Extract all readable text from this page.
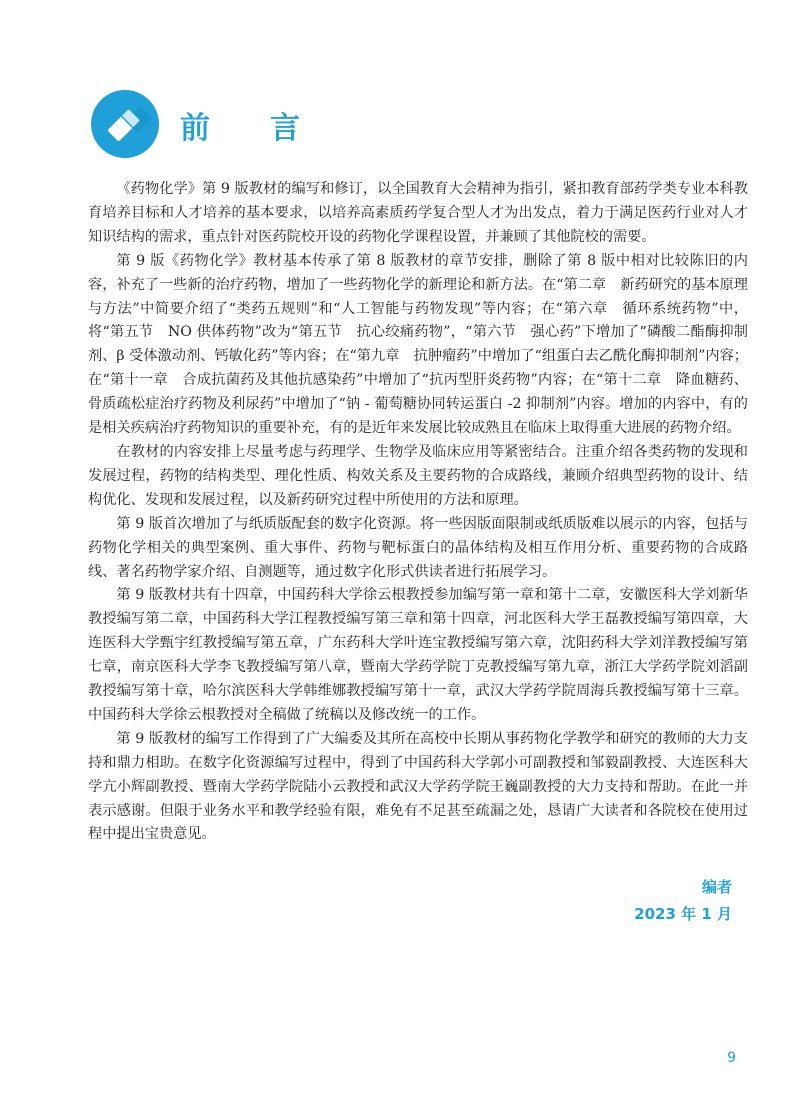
前　　言

《药物化学》第 9 版教材的编写和修订，以全国教育大会精神为指引，紧扣教育部药学类专业本科教育培养目标和人才培养的基本要求，以培养高素质药学复合型人才为出发点，着力于满足医药行业对人才知识结构的需求，重点针对医药院校开设的药物化学课程设置，并兼顾了其他院校的需要。

第 9 版《药物化学》教材基本传承了第 8 版教材的章节安排，删除了第 8 版中相对比较陈旧的内容，补充了一些新的治疗药物，增加了一些药物化学的新理论和新方法。在“第二章　新药研究的基本原理与方法”中简要介绍了“类药五规则”和“人工智能与药物发现”等内容；在“第六章　循环系统药物”中，将“第五节　NO 供体药物”改为“第五节　抗心绞痛药物”，“第六节　强心药”下增加了“磷酸二酯酶抑制剂、β 受体激动剂、钙敏化药”等内容；在“第九章　抗肿瘤药”中增加了“组蛋白去乙酰化酶抑制剂”内容；在“第十一章　合成抗菌药及其他抗感染药”中增加了“抗丙型肝炎药物”内容；在“第十二章　降血糖药、骨质疏松症治疗药物及利尿药”中增加了“钠 - 葡萄糖协同转运蛋白 -2 抑制剂”内容。增加的内容中，有的是相关疾病治疗药物知识的重要补充，有的是近年来发展比较成熟且在临床上取得重大进展的药物介绍。

在教材的内容安排上尽量考虑与药理学、生物学及临床应用等紧密结合。注重介绍各类药物的发现和发展过程，药物的结构类型、理化性质、构效关系及主要药物的合成路线，兼顾介绍典型药物的设计、结构优化、发现和发展过程，以及新药研究过程中所使用的方法和原理。

第 9 版首次增加了与纸质版配套的数字化资源。将一些因版面限制或纸质版难以展示的内容，包括与药物化学相关的典型案例、重大事件、药物与靶标蛋白的晶体结构及相互作用分析、重要药物的合成路线、著名药物学家介绍、自测题等，通过数字化形式供读者进行拓展学习。

第 9 版教材共有十四章，中国药科大学徐云根教授参加编写第一章和第十二章，安徽医科大学刘新华教授编写第二章，中国药科大学江程教授编写第三章和第十四章，河北医科大学王磊教授编写第四章，大连医科大学甄宇红教授编写第五章，广东药科大学叶连宝教授编写第六章，沈阳药科大学刘洋教授编写第七章，南京医科大学李飞教授编写第八章，暨南大学药学院丁克教授编写第九章，浙江大学药学院刘滔副教授编写第十章，哈尔滨医科大学韩维娜教授编写第十一章，武汉大学药学院周海兵教授编写第十三章。中国药科大学徐云根教授对全稿做了统稿以及修改统一的工作。

第 9 版教材的编写工作得到了广大编委及其所在高校中长期从事药物化学教学和研究的教师的大力支持和鼎力相助。在数字化资源编写过程中，得到了中国药科大学郭小可副教授和邹毅副教授、大连医科大学亢小辉副教授、暨南大学药学院陆小云教授和武汉大学药学院王巍副教授的大力支持和帮助。在此一并表示感谢。但限于业务水平和教学经验有限，难免有不足甚至疏漏之处，恳请广大读者和各院校在使用过程中提出宝贵意见。

编者
2023 年 1 月
9
